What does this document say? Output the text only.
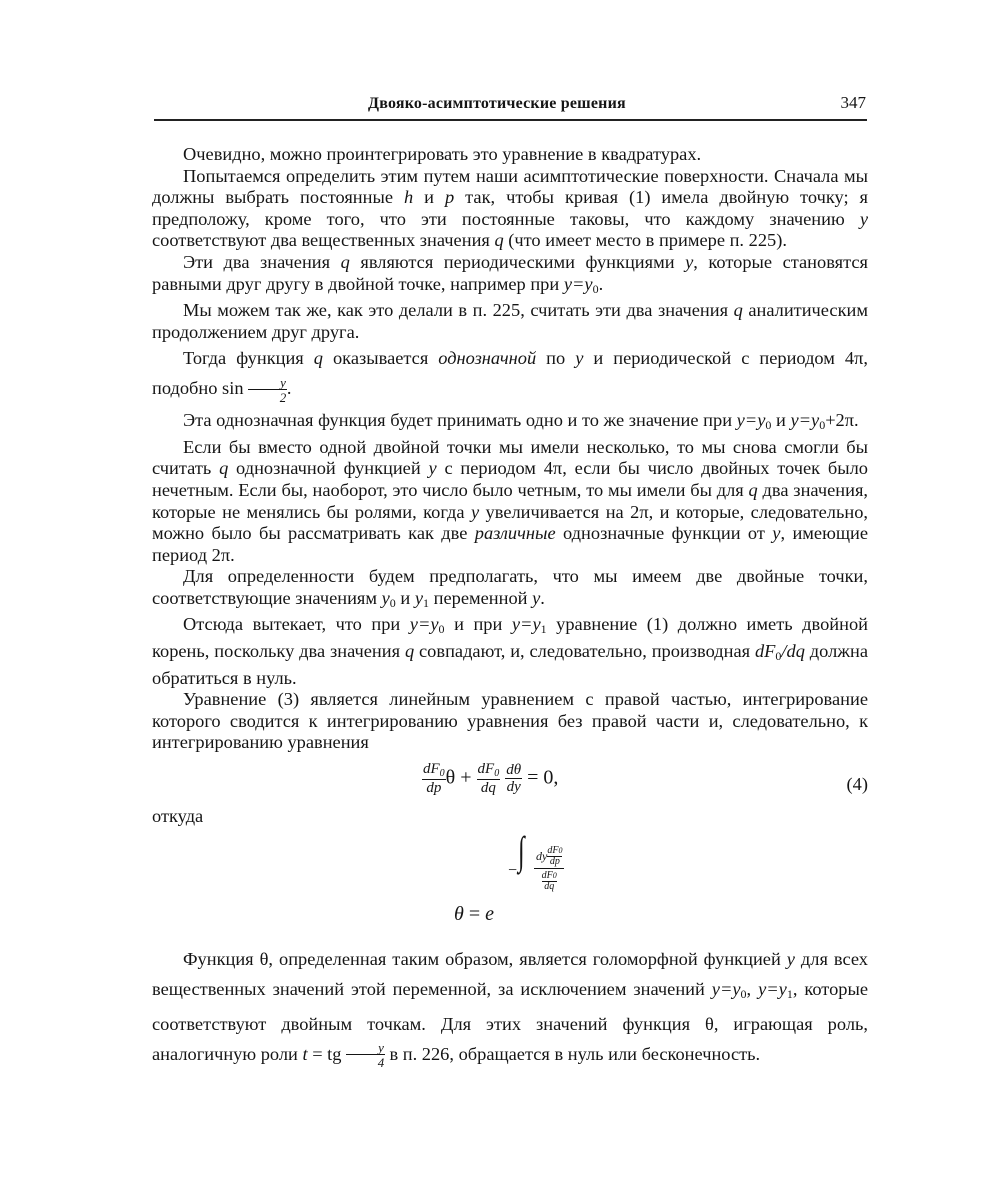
Двояко-асимптотические решения	347

Очевидно, можно проинтегрировать это уравнение в квадратурах.

Попытаемся определить этим путем наши асимптотические поверхности. Сначала мы должны выбрать постоянные h и p так, чтобы кривая (1) имела двойную точку; я предположу, кроме того, что эти постоянные таковы, что каждому значению y соответствуют два вещественных значения q (что имеет место в примере п. 225).

Эти два значения q являются периодическими функциями y, которые становятся равными друг другу в двойной точке, например при $y=y_0$.

Мы можем так же, как это делали в п. 225, считать эти два значения q аналитическим продолжением друг друга.

Тогда функция q оказывается однозначной по y и периодической с периодом 4π, подобно $\sin \frac{y}{2}$ .

Эта однозначная функция будет принимать одно и то же значение при $y=y_0$ и $y=y_0+2\pi$.

Если бы вместо одной двойной точки мы имели несколько, то мы снова смогли бы считать q однозначной функцией y с периодом 4π, если бы число двойных точек было нечетным. Если бы, наоборот, это число было четным, то мы имели бы для q два значения, которые не менялись бы ролями, когда y увеличивается на 2π, и которые, следовательно, можно было бы рассматривать как две различные однозначные функции от y, имеющие период 2π.

Для определенности будем предполагать, что мы имеем две двойные точки, соответствующие значениям $y_0$ и $y_1$ переменной y.

Отсюда вытекает, что при $y=y_0$ и при $y=y_1$ уравнение (1) должно иметь двойной корень, поскольку два значения q совпадают, и, следовательно, производная $dF_0/dq$ должна обратиться в нуль.

Уравнение (3) является линейным уравнением с правой частью, интегрирование которого сводится к интегрированию уравнения без правой части и, следовательно, к интегрированию уравнения

$\frac{dF_0}{dp}$ $\theta + \frac{dF_0}{dq}$
$\frac{d\theta}{dy} = 0$,	(4)

откуда

θ = e
− ∫ dy $\frac{dF0}{dp}$
$\frac{dF0}{dq}$

Функция θ, определенная таким образом, является голоморфной функцией y для всех вещественных значений этой переменной, за исключением значений $y=y_0$, $y=y_1$, которые соответствуют двойным точкам. Для этих значений функция θ, играющая роль, аналогичную роли t = tg $\frac{y}{4}$ в п. 226, обращается в нуль или бесконечность.
